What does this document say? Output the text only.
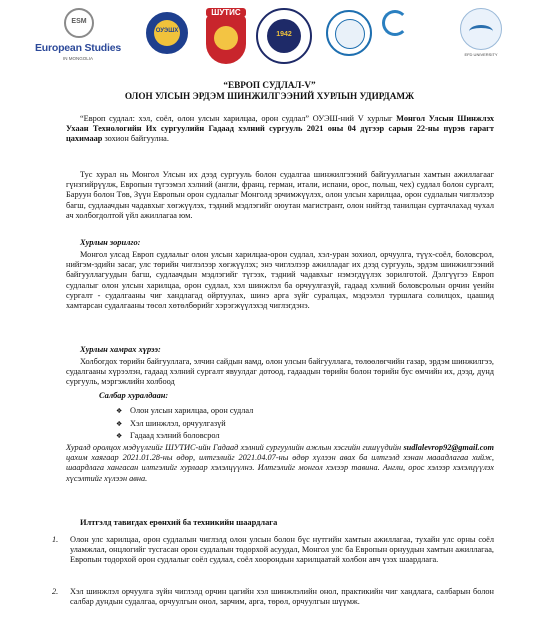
ESM
European Studies
IN MONGOLIA
ОУЭШХ
ШУТИС
1942
EFD UNIVERSITY
“ЕВРОП СУДЛАЛ-V”
ОЛОН УЛСЫН ЭРДЭМ ШИНЖИЛГЭЭНИЙ ХУРЛЫН УДИРДАМЖ
“Европ судлал: хэл, соёл, олон улсын харилцаа, орон судлал” ОУЭШ-ний V хурлыг Монгол Улсын Шинжлэх Ухаан Технологийн Их сургуулийн Гадаад хэлний сургууль 2021 оны 04 дүгээр сарын 22-ны пүрэв гарагт цахимаар зохион байгуулна.
Тус хурал нь Монгол Улсын их дээд сургууль болон судалгаа шинжилгээний байгууллагын хамтын ажиллагааг гүнзгийрүүлж, Европын түгээмэл хэлний (англи, франц, герман, итали, испани, орос, польш, чех) судлал болон сургалт, Баруун болон Төв, Зүүн Европын орон судлалыг Монголд эрчимжүүлэх, олон улсын харилцаа, орон судлалын чиглэлээр багш, судлаачдын чадавхыг хөгжүүлэх, тэдний мэдлэгийг оюутан магистрант, олон нийтэд танилцан суртачлахад чухал ач холбогдолтой үйл ажиллагаа юм.
Хурлын зорилго:
Монгол улсад Европ судлалыг олон улсын харилцаа-орон судлал, хэл-уран зохиол, орчуулга, түүх-соёл, боловсрол, нийгэм-эдийн засаг, улс төрийн чиглэлээр хөгжүүлэх; энэ чиглэлээр ажилладаг их дээд сургууль, эрдэм шинжилгээний байгууллагуудын багш, судлаачдын мэдлэгийг түгээх, тэдний чадавхыг нэмэгдүүлэх зорилготой. Дэлгүүгээ Европ судлалыг олон улсын харилцаа, орон судлал, хэл шинжлэл ба орчуулгазүй, гадаад хэлний боловсролын орчин үеийн сургалт - судалгааны чиг хандлагад ойртуулах, шинэ арга зүйг суралцах, мэдээлэл туршлага солилцох, цаашид хамтарсан судалгааны төсөл хөтөлбөрийг хэрэгжүүлэхэд чиглэгдэнэ.
Хурлын хамрах хүрээ:
Холбогдох төрийн байгууллага, элчин сайдын яамд, олон улсын байгууллага, төлөөлөгчийн газар, эрдэм шинжилгээ, судалгааны хүрээлэн, гадаад хэлний сургалт явуулдаг дотоод, гадаадын төрийн болон төрийн бус өмчийн их, дээд, дунд сургууль, мэргэжлийн холбоод
Салбар хуралдаан:
❖ Олон улсын харилцаа, орон судлал
❖ Хэл шинжлэл, орчуулгазүй
❖ Гадаад хэлний боловсрол
Хуралд оролцох мэдүүлгийг ШУТИС-ийн Гадаад хэлний сургуулийн ажлын хэсгийн гишүүдийн sudlalevrop92@gmail.com цахим хаягаар 2021.01.28-ны өдөр, илтгэлийг 2021.04.07-ны өдөр хүлээн авах ба илтгэлд хэнан мааадлагаа хийж, шаардлага хангасан илтгэлийг хурлаар хэлэлцүүлнэ. Илтгэлийг монгол хэлээр тавина. Англи, орос хэлээр хэлэлцүүлэх хүсэлтийг хүлээн авна.
Илтгэлд тавигдах ерөнхий ба техникийн шаардлага
1. Олон улс харилцаа, орон судлалын чиглэлд олон улсын болон бүс нутгийн хамтын ажиллагаа, тухайн улс орны соёл уламжлал, онцлогийг тусгасан орон судлалын тодорхой асуудал, Монгол улс ба Европын орнуудын хамтын ажиллагаа, Европын тодорхой орон судлалыг соёл судлал, соёл хоорондын харилцаатай холбон авч үзэх шаардлага.
2. Хэл шинжлэл орчуулга зүйн чиглэлд орчин цагийн хэл шинжлэлийн онол, практикийн чиг хандлага, салбарын болон салбар дундын судалгаа, орчуулгын онол, зарчим, арга, төрөл, орчуулгын шүүмж.
